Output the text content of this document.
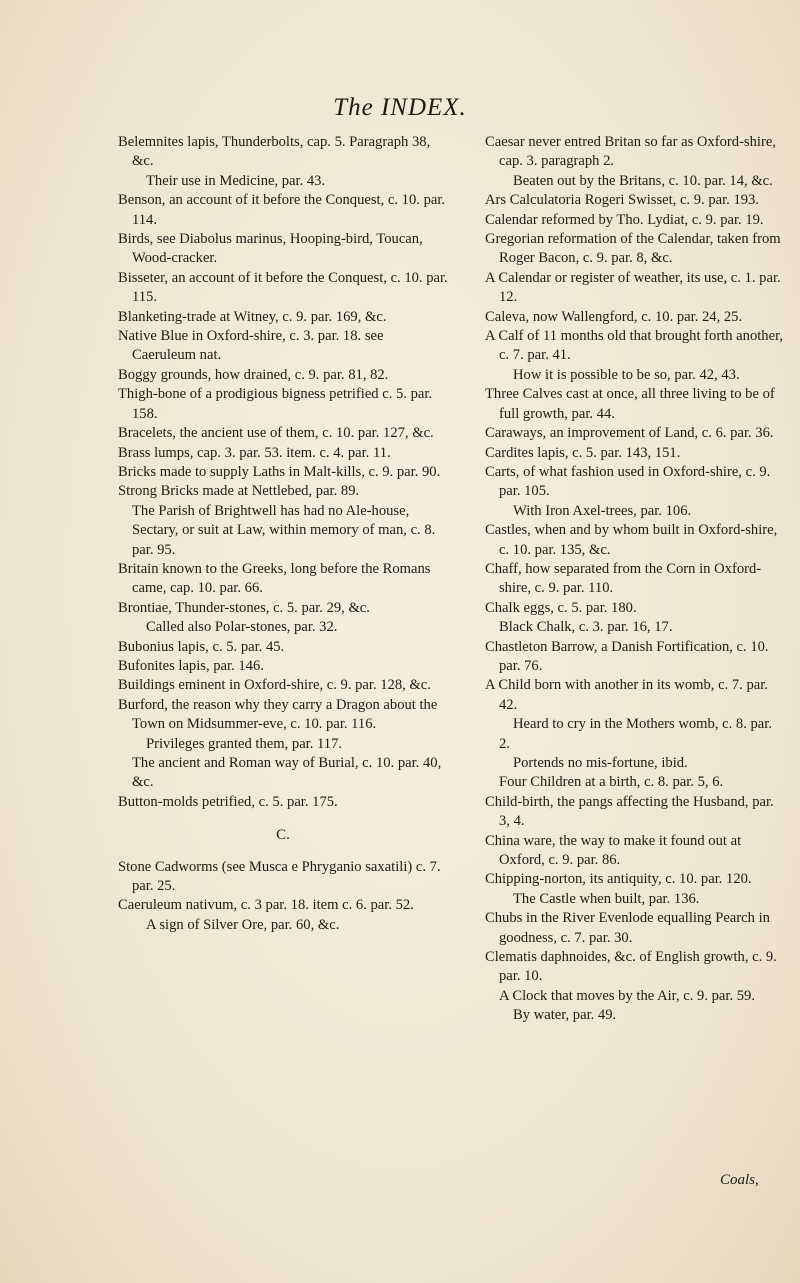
The INDEX.

Belemnites lapis, Thunderbolts, cap. 5. Paragraph 38, &c.

Their use in Medicine, par. 43.

Benson, an account of it before the Conquest, c. 10. par. 114.

Birds, see Diabolus marinus, Hooping-bird, Toucan, Wood-cracker.

Bisseter, an account of it before the Conquest, c. 10. par. 115.

Blanketing-trade at Witney, c. 9. par. 169, &c.

Native Blue in Oxford-shire, c. 3. par. 18. see Caeruleum nat.

Boggy grounds, how drained, c. 9. par. 81, 82.

Thigh-bone of a prodigious bigness petrified c. 5. par. 158.

Bracelets, the ancient use of them, c. 10. par. 127, &c.

Brass lumps, cap. 3. par. 53. item. c. 4. par. 11.

Bricks made to supply Laths in Malt-kills, c. 9. par. 90.

Strong Bricks made at Nettlebed, par. 89.

The Parish of Brightwell has had no Ale-house, Sectary, or suit at Law, within memory of man, c. 8. par. 95.

Britain known to the Greeks, long before the Romans came, cap. 10. par. 66.

Brontiae, Thunder-stones, c. 5. par. 29, &c.

Called also Polar-stones, par. 32.

Bubonius lapis, c. 5. par. 45.

Bufonites lapis, par. 146.

Buildings eminent in Oxford-shire, c. 9. par. 128, &c.

Burford, the reason why they carry a Dragon about the Town on Midsummer-eve, c. 10. par. 116.

Privileges granted them, par. 117.

The ancient and Roman way of Burial, c. 10. par. 40, &c.

Button-molds petrified, c. 5. par. 175.

C.

Stone Cadworms (see Musca e Phryganio saxatili) c. 7. par. 25.

Caeruleum nativum, c. 3 par. 18. item c. 6. par. 52.

A sign of Silver Ore, par. 60, &c.

Caesar never entred Britan so far as Oxford-shire, cap. 3. paragraph 2.

Beaten out by the Britans, c. 10. par. 14, &c.

Ars Calculatoria Rogeri Swisset, c. 9. par. 193.

Calendar reformed by Tho. Lydiat, c. 9. par. 19.

Gregorian reformation of the Calendar, taken from Roger Bacon, c. 9. par. 8, &c.

A Calendar or register of weather, its use, c. 1. par. 12.

Caleva, now Wallengford, c. 10. par. 24, 25.

A Calf of 11 months old that brought forth another, c. 7. par. 41.

How it is possible to be so, par. 42, 43.

Three Calves cast at once, all three living to be of full growth, par. 44.

Caraways, an improvement of Land, c. 6. par. 36.

Cardites lapis, c. 5. par. 143, 151.

Carts, of what fashion used in Oxford-shire, c. 9. par. 105.

With Iron Axel-trees, par. 106.

Castles, when and by whom built in Oxford-shire, c. 10. par. 135, &c.

Chaff, how separated from the Corn in Oxford-shire, c. 9. par. 110.

Chalk eggs, c. 5. par. 180.

Black Chalk, c. 3. par. 16, 17.

Chastleton Barrow, a Danish Fortification, c. 10. par. 76.

A Child born with another in its womb, c. 7. par. 42.

Heard to cry in the Mothers womb, c. 8. par. 2.

Portends no mis-fortune, ibid.

Four Children at a birth, c. 8. par. 5, 6.

Child-birth, the pangs affecting the Husband, par. 3, 4.

China ware, the way to make it found out at Oxford, c. 9. par. 86.

Chipping-norton, its antiquity, c. 10. par. 120.

The Castle when built, par. 136.

Chubs in the River Evenlode equalling Pearch in goodness, c. 7. par. 30.

Clematis daphnoides, &c. of English growth, c. 9. par. 10.

A Clock that moves by the Air, c. 9. par. 59.

By water, par. 49.

Coals,
